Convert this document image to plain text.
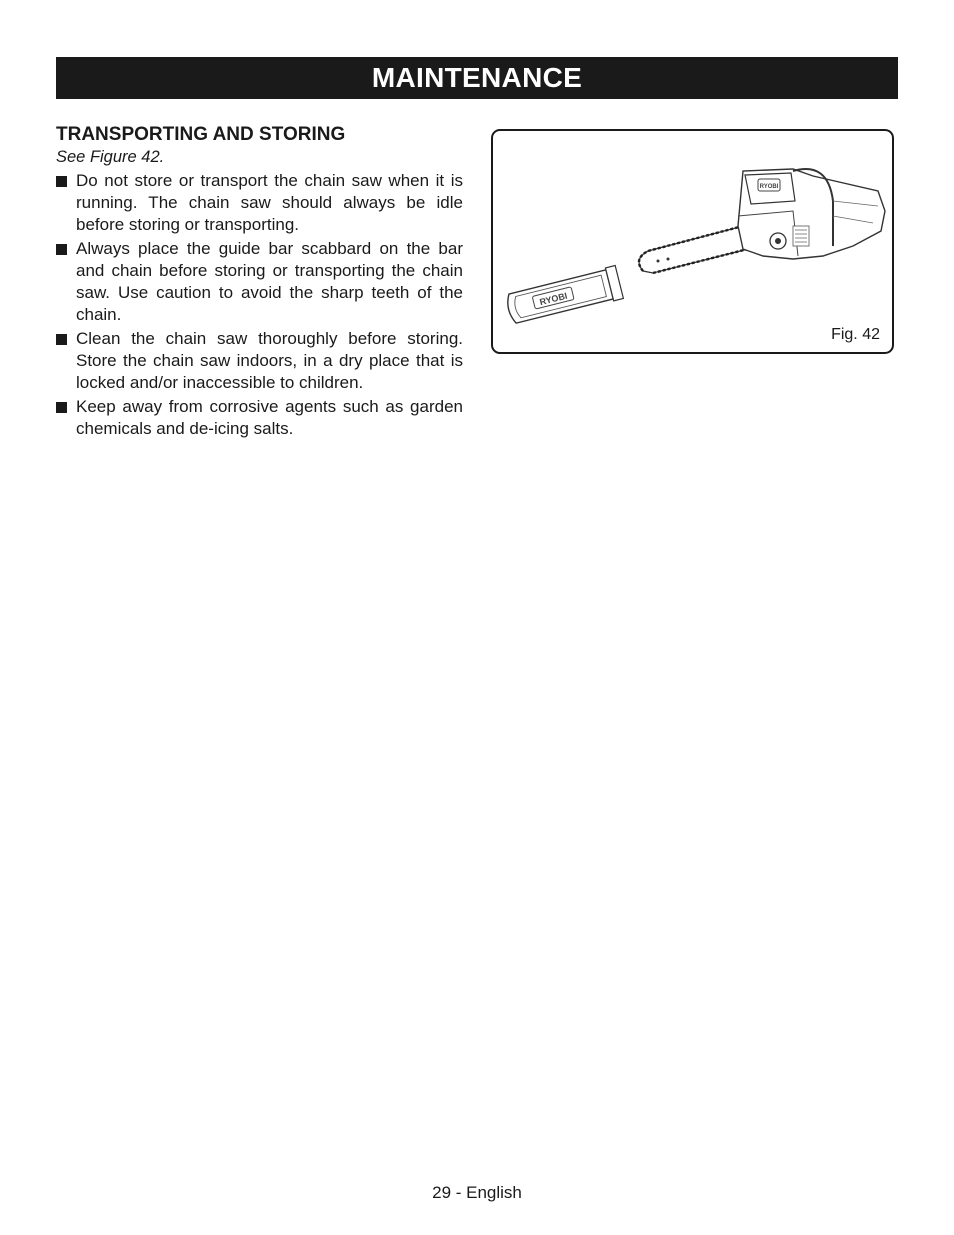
MAINTENANCE
TRANSPORTING AND STORING

See Figure 42.

Do not store or transport the chain saw when it is running. The chain saw should always be idle before storing or transporting.
Always place the guide bar scabbard on the bar and chain before storing or transporting the chain saw. Use caution to avoid the sharp teeth of the chain.
Clean the chain saw thoroughly before storing. Store the chain saw indoors, in a dry place that is locked and/or inaccessible to children.
Keep away from corrosive agents such as garden chemicals and de-icing salts.
RYOBI
RYOBI
Fig. 42
29 - English
